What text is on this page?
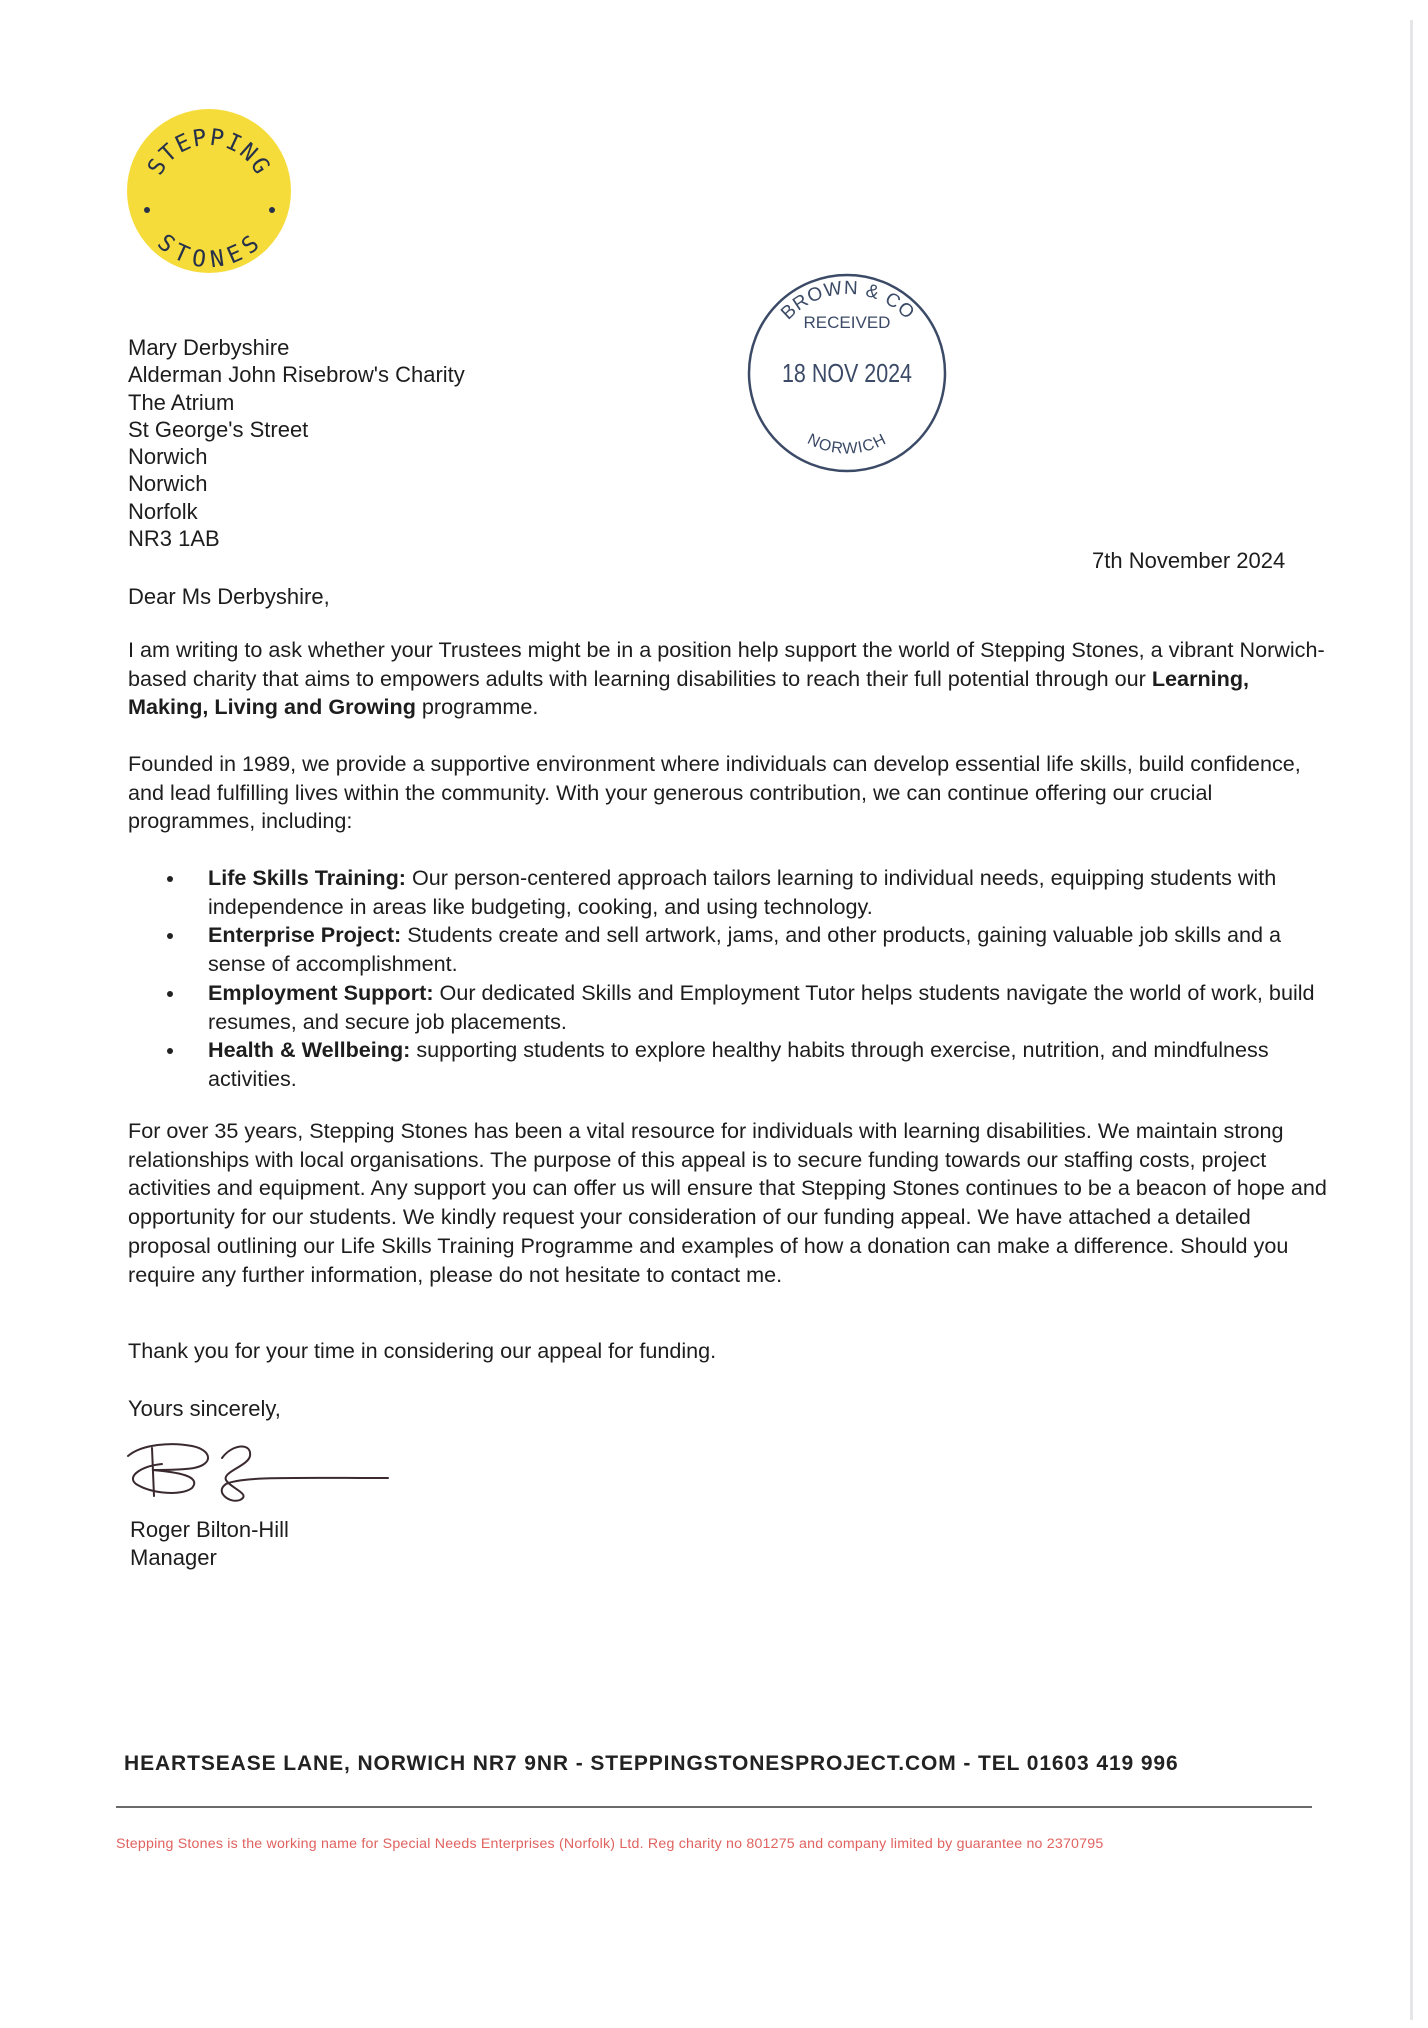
STEPPING
STONES
BROWN & CO
RECEIVED
18 NOV 2024
NORWICH
Mary Derbyshire
Alderman John Risebrow's Charity
The Atrium
St George's Street
Norwich
Norwich
Norfolk
NR3 1AB
7th November 2024
Dear Ms Derbyshire,

I am writing to ask whether your Trustees might be in a position help support the world of Stepping Stones, a vibrant Norwich-based charity that aims to empowers adults with learning disabilities to reach their full potential through our Learning, Making, Living and Growing programme.

Founded in 1989, we provide a supportive environment where individuals can develop essential life skills, build confidence, and lead fulfilling lives within the community. With your generous contribution, we can continue offering our crucial programmes, including:

Life Skills Training: Our person-centered approach tailors learning to individual needs, equipping students with independence in areas like budgeting, cooking, and using technology.
Enterprise Project: Students create and sell artwork, jams, and other products, gaining valuable job skills and a sense of accomplishment.
Employment Support: Our dedicated Skills and Employment Tutor helps students navigate the world of work, build resumes, and secure job placements.
Health & Wellbeing: supporting students to explore healthy habits through exercise, nutrition, and mindfulness activities.

For over 35 years, Stepping Stones has been a vital resource for individuals with learning disabilities. We maintain strong relationships with local organisations. The purpose of this appeal is to secure funding towards our staffing costs, project activities and equipment. Any support you can offer us will ensure that Stepping Stones continues to be a beacon of hope and opportunity for our students. We kindly request your consideration of our funding appeal. We have attached a detailed proposal outlining our Life Skills Training Programme and examples of how a donation can make a difference. Should you require any further information, please do not hesitate to contact me.

Thank you for your time in considering our appeal for funding.

Yours sincerely,
Roger Bilton-Hill
Manager
HEARTSEASE LANE, NORWICH NR7 9NR - STEPPINGSTONESPROJECT.COM - TEL 01603 419 996
Stepping Stones is the working name for Special Needs Enterprises (Norfolk) Ltd. Reg charity no 801275 and company limited by guarantee no 2370795
